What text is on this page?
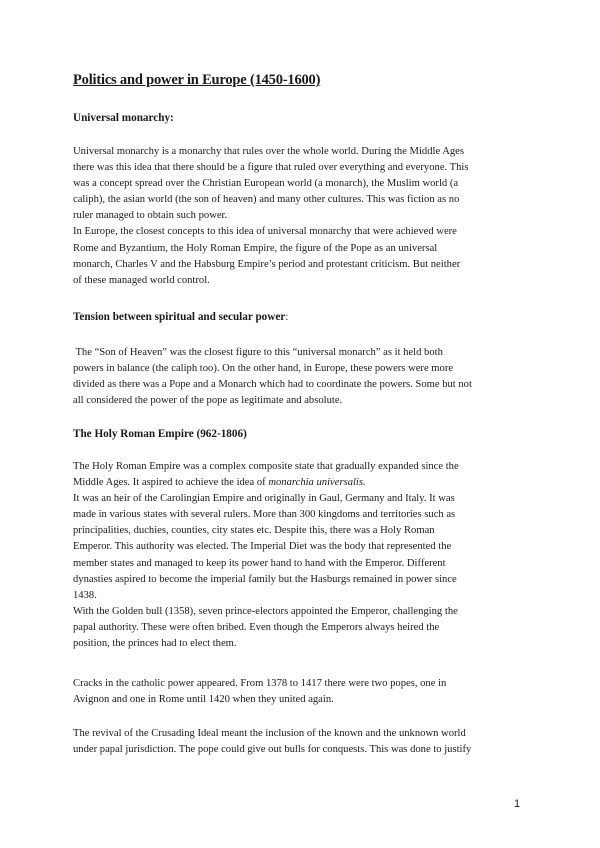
Politics and power in Europe (1450-1600)
Universal monarchy:
Universal monarchy is a monarchy that rules over the whole world. During the Middle Ages
there was this idea that there should be a figure that ruled over everything and everyone. This
was a concept spread over the Christian European world (a monarch), the Muslim world (a
caliph), the asian world (the son of heaven) and many other cultures. This was fiction as no
ruler managed to obtain such power.
In Europe, the closest concepts to this idea of universal monarchy that were achieved were
Rome and Byzantium, the Holy Roman Empire, the figure of the Pope as an universal
monarch, Charles V and the Habsburg Empire’s period and protestant criticism. But neither
of these managed world control.
Tension between spiritual and secular power:
The “Son of Heaven” was the closest figure to this “universal monarch” as it held both
powers in balance (the caliph too). On the other hand, in Europe, these powers were more
divided as there was a Pope and a Monarch which had to coordinate the powers. Some but not
all considered the power of the pope as legitimate and absolute.
The Holy Roman Empire (962-1806)
The Holy Roman Empire was a complex composite state that gradually expanded since the
Middle Ages. It aspired to achieve the idea of monarchia universalis.
It was an heir of the Carolingian Empire and originally in Gaul, Germany and Italy. It was
made in various states with several rulers. More than 300 kingdoms and territories such as
principalities, duchies, counties, city states etc. Despite this, there was a Holy Roman
Emperor. This authority was elected. The Imperial Diet was the body that represented the
member states and managed to keep its power hand to hand with the Emperor. Different
dynasties aspired to become the imperial family but the Hasburgs remained in power since
1438.
With the Golden bull (1358), seven prince-electors appointed the Emperor, challenging the
papal authority. These were often bribed. Even though the Emperors always heired the
position, the princes had to elect them.
Cracks in the catholic power appeared. From 1378 to 1417 there were two popes, one in
Avignon and one in Rome until 1420 when they united again.
The revival of the Crusading Ideal meant the inclusion of the known and the unknown world
under papal jurisdiction. The pope could give out bulls for conquests. This was done to justify
1
